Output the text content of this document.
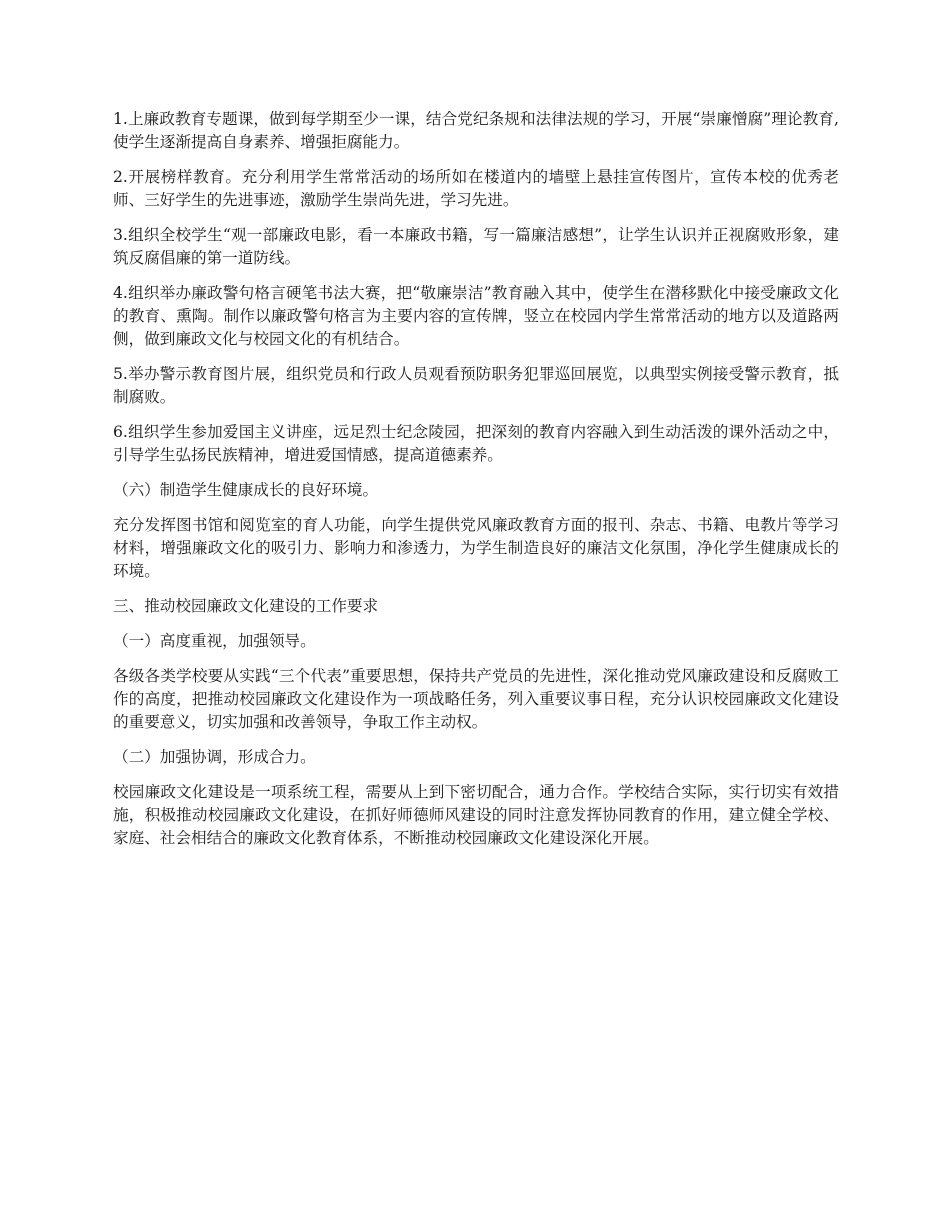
1.上廉政教育专题课，做到每学期至少一课，结合党纪条规和法律法规的学习，开展“崇廉憎腐”理论教育,使学生逐渐提高自身素养、增强拒腐能力。

2.开展榜样教育。充分利用学生常常活动的场所如在楼道内的墙壁上悬挂宣传图片，宣传本校的优秀老师、三好学生的先进事迹，激励学生崇尚先进，学习先进。

3.组织全校学生“观一部廉政电影，看一本廉政书籍，写一篇廉洁感想”，让学生认识并正视腐败形象，建筑反腐倡廉的第一道防线。

4.组织举办廉政警句格言硬笔书法大赛，把“敬廉崇洁”教育融入其中，使学生在潜移默化中接受廉政文化的教育、熏陶。制作以廉政警句格言为主要内容的宣传牌，竖立在校园内学生常常活动的地方以及道路两侧，做到廉政文化与校园文化的有机结合。

5.举办警示教育图片展，组织党员和行政人员观看预防职务犯罪巡回展览，以典型实例接受警示教育，抵制腐败。

6.组织学生参加爱国主义讲座，远足烈士纪念陵园，把深刻的教育内容融入到生动活泼的课外活动之中，引导学生弘扬民族精神，增进爱国情感，提高道德素养。

（六）制造学生健康成长的良好环境。

充分发挥图书馆和阅览室的育人功能，向学生提供党风廉政教育方面的报刊、杂志、书籍、电教片等学习材料，增强廉政文化的吸引力、影响力和渗透力，为学生制造良好的廉洁文化氛围，净化学生健康成长的环境。

三、推动校园廉政文化建设的工作要求

（一）高度重视，加强领导。

各级各类学校要从实践“三个代表”重要思想，保持共产党员的先进性，深化推动党风廉政建设和反腐败工作的高度，把推动校园廉政文化建设作为一项战略任务，列入重要议事日程，充分认识校园廉政文化建设的重要意义，切实加强和改善领导，争取工作主动权。

（二）加强协调，形成合力。

校园廉政文化建设是一项系统工程，需要从上到下密切配合，通力合作。学校结合实际，实行切实有效措施，积极推动校园廉政文化建设，在抓好师德师风建设的同时注意发挥协同教育的作用，建立健全学校、家庭、社会相结合的廉政文化教育体系，不断推动校园廉政文化建设深化开展。
